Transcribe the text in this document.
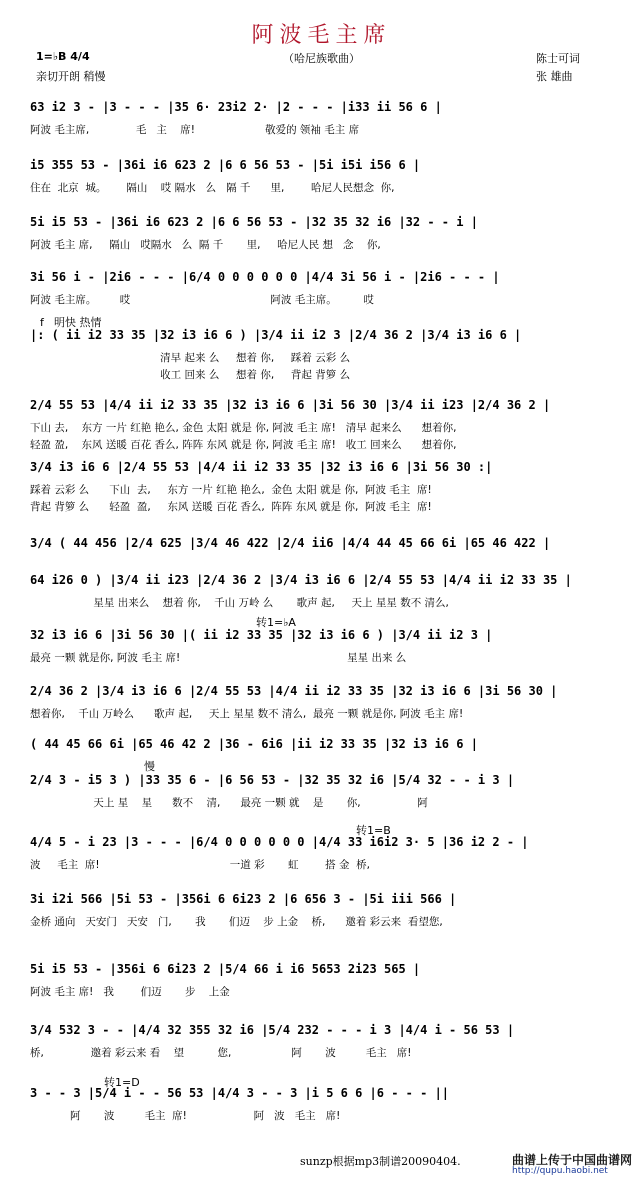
阿波毛主席
（哈尼族歌曲）
1=♭B 4/4
亲切开朗 稍慢
陈士可词
张 雄曲
63 i2 3 - |3 - - - |35 6· 23i2 2· |2 - - - |i33 ii 56 6 |
阿波 毛主席,              毛   主    席!                     敬爱的 领袖 毛主 席
i5 355 53 - |36i i6 623 2 |6 6 56 53 - |5i i5i i56 6 |
住在  北京  城。      隔山    哎 隔水   么   隔 千      里,        哈尼人民想念  你,
5i i5 53 - |36i i6 623 2 |6 6 56 53 - |32 35 32 i6 |32 - - i |
阿波 毛主 席,     隔山   哎隔水   么  隔 千       里,     哈尼人民 想   念    你,
3i 56 i - |2i6 - - - |6/4 0 0 0 0 0 0 |4/4 3i 56 i - |2i6 - - - |
阿波 毛主席。       哎                                          阿波 毛主席。        哎
|: ( ii i2 33 35 |32 i3 i6 6 ) |3/4 ii i2 3 |2/4 36 2 |3/4 i3 i6 6 |
清早 起来 么     想着 你,     踩着 云彩 么
收工 回来 么     想着 你,     背起 背箩 么
2/4 55 53 |4/4 ii i2 33 35 |32 i3 i6 6 |3i 56 30 |3/4 ii i23 |2/4 36 2 |
下山 去,    东方 一片 红艳 艳么, 金色 太阳 就是 你, 阿波 毛主 席!   清早 起来么      想着你,
轻盈 盈,    东风 送暖 百花 香么, 阵阵 东风 就是 你, 阿波 毛主 席!   收工 回来么      想着你,
3/4 i3 i6 6 |2/4 55 53 |4/4 ii i2 33 35 |32 i3 i6 6 |3i 56 30 :|
踩着 云彩 么      下山  去,     东方 一片 红艳 艳么,  金色 太阳 就是 你,  阿波 毛主  席!
背起 背箩 么      轻盈  盈,     东风 送暖 百花 香么,  阵阵 东风 就是 你,  阿波 毛主  席!
3/4 ( 44 456 |2/4 625 |3/4 46 422 |2/4 ii6 |4/4 44 45 66 6i |65 46 422 |
64 i26 0 ) |3/4 ii i23 |2/4 36 2 |3/4 i3 i6 6 |2/4 55 53 |4/4 ii i2 33 35 |
星星 出来么    想着 你,    千山 万岭 么       歌声 起,     天上 星星 数不 清么,
32 i3 i6 6 |3i 56 30 |( ii i2 33 35 |32 i3 i6 6 ) |3/4 ii i2 3 |
最亮 一颗 就是你, 阿波 毛主 席!                                                  星星 出来 么
2/4 36 2 |3/4 i3 i6 6 |2/4 55 53 |4/4 ii i2 33 35 |32 i3 i6 6 |3i 56 30 |
想着你,    千山 万岭么      歌声 起,     天上 星星 数不 清么,  最亮 一颗 就是你, 阿波 毛主 席!
( 44 45 66 6i |65 46 42 2 |36 - 6i6 |ii i2 33 35 |32 i3 i6 6 |
2/4 3 - i5 3 ) |33 35 6 - |6 56 53 - |32 35 32 i6 |5/4 32 - - i 3 |
天上 星    星      数不    清,      最亮 一颗 就    是       你,                 阿
4/4 5 - i 23 |3 - - - |6/4 0 0 0 0 0 0 |4/4 33 i6i2 3· 5 |36 i2 2 - |
波     毛主  席!                                       一道 彩       虹        搭 金  桥,
3i i2i 566 |5i 53 - |356i 6 6i23 2 |6 656 3 - |5i iii 566 |
金桥 通向   天安门   天安   门,       我       们迈    步 上金    桥,      邀着 彩云来  看望您,
5i i5 53 - |356i 6 6i23 2 |5/4 66 i i6 5653 2i23 565 |
阿波 毛主 席!   我        们迈       步    上金
3/4 532 3 - - |4/4 32 355 32 i6 |5/4 232 - - - i 3 |4/4 i - 56 53 |
桥,              邀着 彩云来 看    望          您,                  阿       波         毛主   席!
3 - - 3 |5/4 i - - 56 53 |4/4 3 - - 3 |i 5 6 6 |6 - - - ||
阿       波         毛主  席!                    阿   波   毛主   席!
f 明快 热情
转1=♭A
慢
转1=B
转1=D
sunzp根据mp3制谱20090404.	曲谱上传于中国曲谱网
http://qupu.haobi.net
